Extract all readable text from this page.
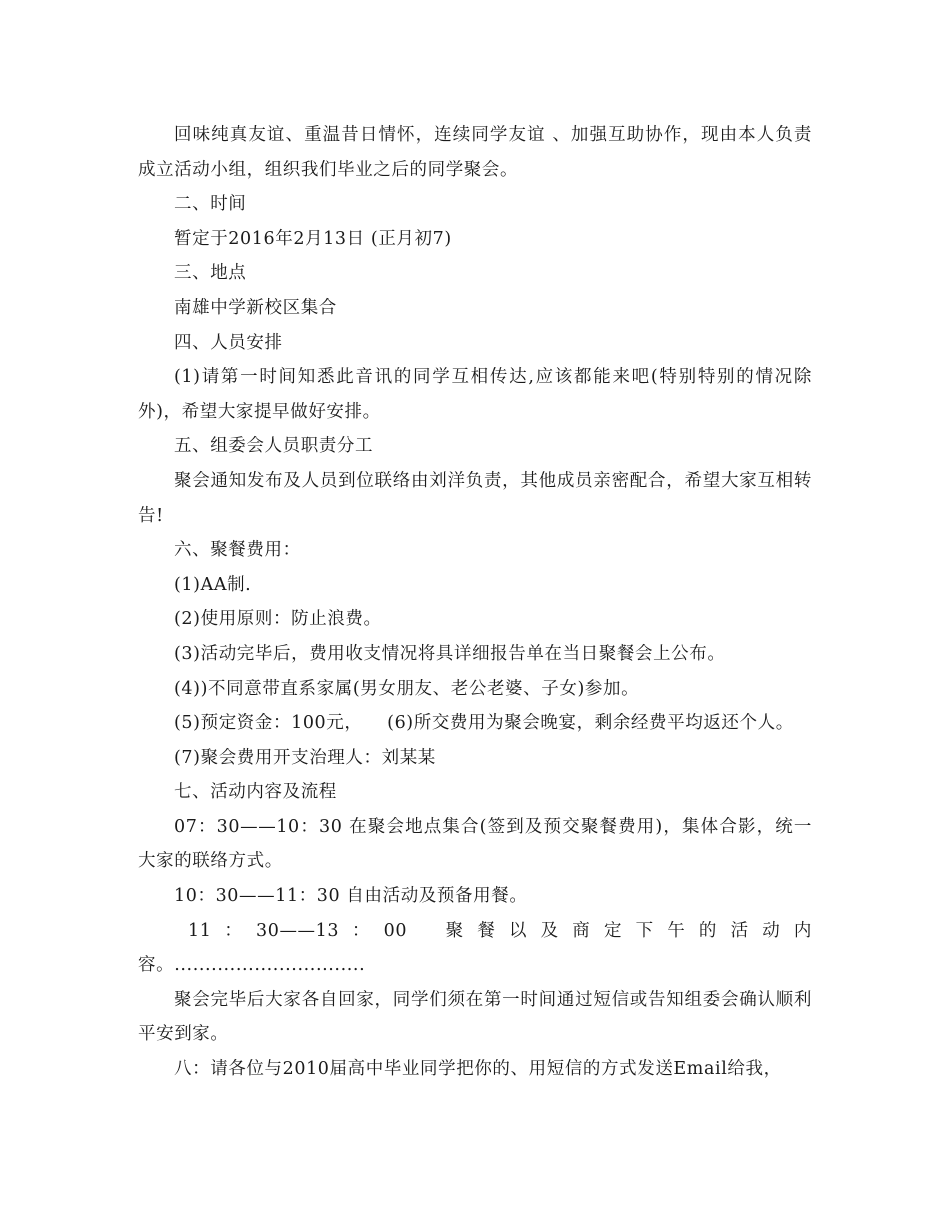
回味纯真友谊、重温昔日情怀，连续同学友谊 、加强互助协作，现由本人负责成立活动小组，组织我们毕业之后的同学聚会。

二、时间

暂定于2016年2月13日 (正月初7)

三、地点

南雄中学新校区集合

四、人员安排

(1)请第一时间知悉此音讯的同学互相传达,应该都能来吧(特别特别的情况除外)，希望大家提早做好安排。

五、组委会人员职责分工

聚会通知发布及人员到位联络由刘洋负责，其他成员亲密配合，希望大家互相转告!

六、聚餐费用：

(1)AA制.

(2)使用原则：防止浪费。

(3)活动完毕后，费用收支情况将具详细报告单在当日聚餐会上公布。

(4))不同意带直系家属(男女朋友、老公老婆、子女)参加。

(5)预定资金：100元，    (6)所交费用为聚会晚宴，剩余经费平均返还个人。

(7)聚会费用开支治理人：刘某某

七、活动内容及流程

07：30——10：30 在聚会地点集合(签到及预交聚餐费用)，集体合影，统一大家的联络方式。

10：30——11：30 自由活动及预备用餐。

11 ： 30——13 ： 00   聚 餐 以 及 商 定 下 午 的 活 动 内
容。...............................

聚会完毕后大家各自回家，同学们须在第一时间通过短信或告知组委会确认顺利平安到家。

八：请各位与2010届高中毕业同学把你的、用短信的方式发送Email给我，
